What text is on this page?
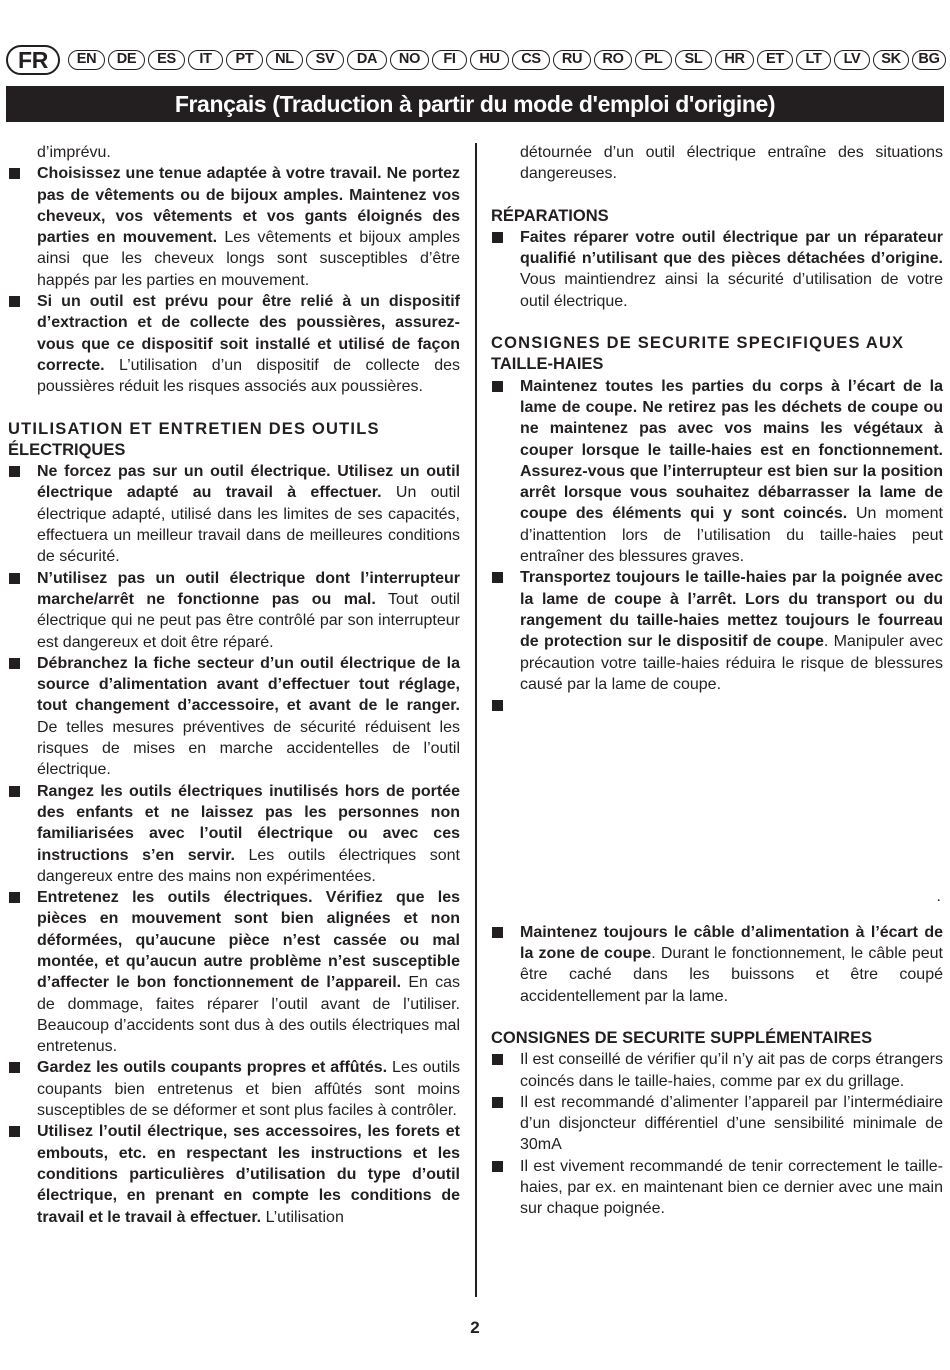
FR	EN	DE	ES	IT	PT	NL	SV	DA	NO	FI	HU	CS	RU	RO	PL	SL	HR	ET	LT	LV	SK	BG
Français (Traduction à partir du mode d'emploi d'origine)

d’imprévu.

Choisissez une tenue adaptée à votre travail. Ne portez pas de vêtements ou de bijoux amples. Maintenez vos cheveux, vos vêtements et vos gants éloignés des parties en mouvement. Les vêtements et bijoux amples ainsi que les cheveux longs sont susceptibles d’être happés par les parties en mouvement.

Si un outil est prévu pour être relié à un dispositif d’extraction et de collecte des poussières, assurez-vous que ce dispositif soit installé et utilisé de façon correcte. L’utilisation d’un dispositif de collecte des poussières réduit les risques associés aux poussières.

UTILISATION ET ENTRETIEN DES OUTILS
ÉLECTRIQUES

Ne forcez pas sur un outil électrique. Utilisez un outil électrique adapté au travail à effectuer. Un outil électrique adapté, utilisé dans les limites de ses capacités, effectuera un meilleur travail dans de meilleures conditions de sécurité.

N’utilisez pas un outil électrique dont l’interrupteur marche/arrêt ne fonctionne pas ou mal. Tout outil électrique qui ne peut pas être contrôlé par son interrupteur est dangereux et doit être réparé.

Débranchez la fiche secteur d’un outil électrique de la source d’alimentation avant d’effectuer tout réglage, tout changement d’accessoire, et avant de le ranger. De telles mesures préventives de sécurité réduisent les risques de mises en marche accidentelles de l’outil électrique.

Rangez les outils électriques inutilisés hors de portée des enfants et ne laissez pas les personnes non familiarisées avec l’outil électrique ou avec ces instructions s’en servir. Les outils électriques sont dangereux entre des mains non expérimentées.

Entretenez les outils électriques. Vérifiez que les pièces en mouvement sont bien alignées et non déformées, qu’aucune pièce n’est cassée ou mal montée, et qu’aucun autre problème n’est susceptible d’affecter le bon fonctionnement de l’appareil. En cas de dommage, faites réparer l’outil avant de l’utiliser. Beaucoup d’accidents sont dus à des outils électriques mal entretenus.

Gardez les outils coupants propres et affûtés. Les outils coupants bien entretenus et bien affûtés sont moins susceptibles de se déformer et sont plus faciles à contrôler.

Utilisez l’outil électrique, ses accessoires, les forets et embouts, etc. en respectant les instructions et les conditions particulières d’utilisation du type d’outil électrique, en prenant en compte les conditions de travail et le travail à effectuer. L’utilisation

détournée d’un outil électrique entraîne des situations dangereuses.

RÉPARATIONS

Faites réparer votre outil électrique par un réparateur qualifié n’utilisant que des pièces détachées d’origine. Vous maintiendrez ainsi la sécurité d’utilisation de votre outil électrique.

CONSIGNES DE SECURITE SPECIFIQUES AUX
TAILLE-HAIES

Maintenez toutes les parties du corps à l’écart de la lame de coupe. Ne retirez pas les déchets de coupe ou ne maintenez pas avec vos mains les végétaux à couper lorsque le taille-haies est en fonctionnement. Assurez-vous que l’interrupteur est bien sur la position arrêt lorsque vous souhaitez débarrasser la lame de coupe des éléments qui y sont coincés. Un moment d’inattention lors de l’utilisation du taille-haies peut entraîner des blessures graves.

Transportez toujours le taille-haies par la poignée avec la lame de coupe à l’arrêt. Lors du transport ou du rangement du taille-haies mettez toujours le fourreau de protection sur le dispositif de coupe. Manipuler avec précaution votre taille-haies réduira le risque de blessures causé par la lame de coupe.

.

Maintenez toujours le câble d’alimentation à l’écart de la zone de coupe. Durant le fonctionnement, le câble peut être caché dans les buissons et être coupé accidentellement par la lame.

CONSIGNES DE SECURITE SUPPLÉMENTAIRES

Il est conseillé de vérifier qu’il n’y ait pas de corps étrangers coincés dans le taille-haies, comme par ex du grillage.

Il est recommandé d’alimenter l’appareil par l’intermédiaire d’un disjoncteur différentiel d’une sensibilité minimale de 30mA

Il est vivement recommandé de tenir correctement le taille-haies, par ex. en maintenant bien ce dernier avec une main sur chaque poignée.

2
